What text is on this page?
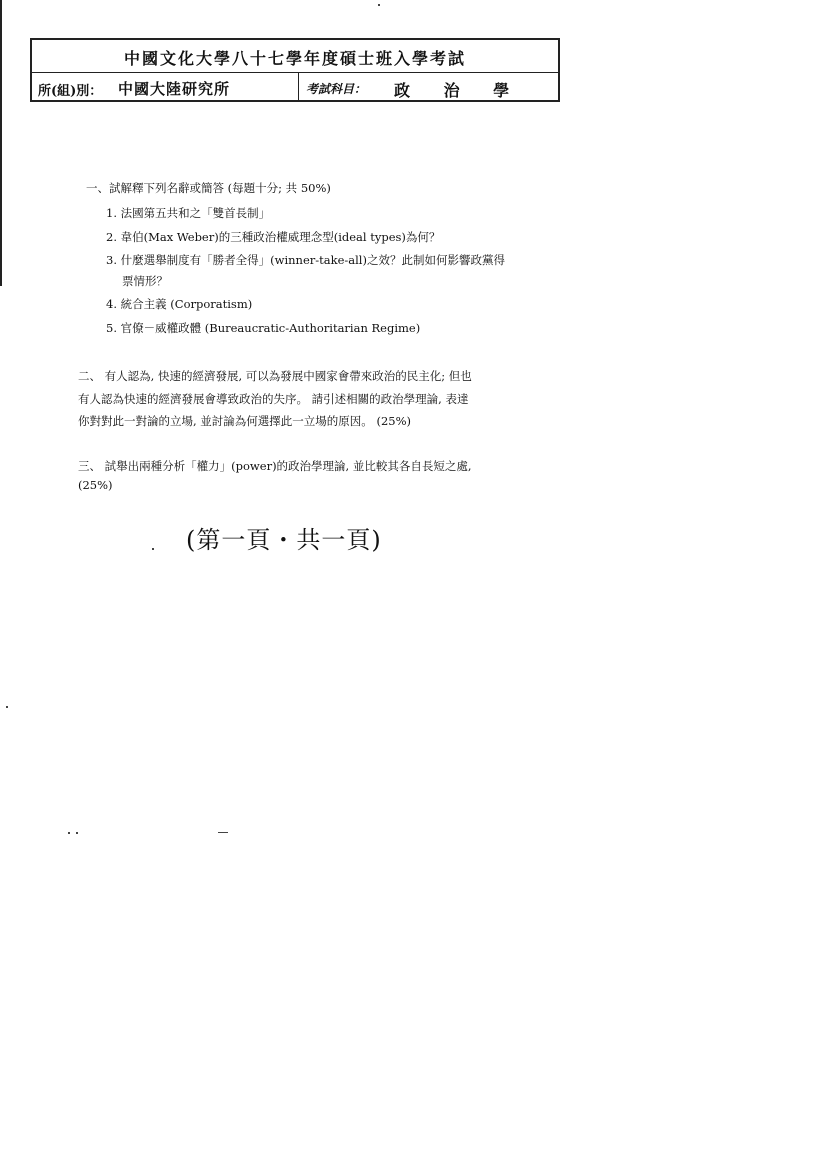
中國文化大學八十七學年度碩士班入學考試
所(組)別： 中國大陸研究所	考試科目： 政 治 學
一、試解釋下列名辭或簡答 (每題十分; 共 50%)
1. 法國第五共和之「雙首長制」
2. 韋伯(Max Weber)的三種政治權威理念型(ideal types)為何？
3. 什麼選舉制度有「勝者全得」(winner-take-all)之效？此制如何影響政黨得
票情形？
4. 統合主義 (Corporatism)
5. 官僚－威權政體 (Bureaucratic-Authoritarian Regime)
二、 有人認為, 快速的經濟發展, 可以為發展中國家會帶來政治的民主化; 但也
有人認為快速的經濟發展會導致政治的失序。 請引述相關的政治學理論, 表達
你對對此一對論的立場, 並討論為何選擇此一立場的原因。 (25%)
三、 試舉出兩種分析「權力」(power)的政治學理論, 並比較其各自長短之處,
(25%)
(第一頁・共一頁)
